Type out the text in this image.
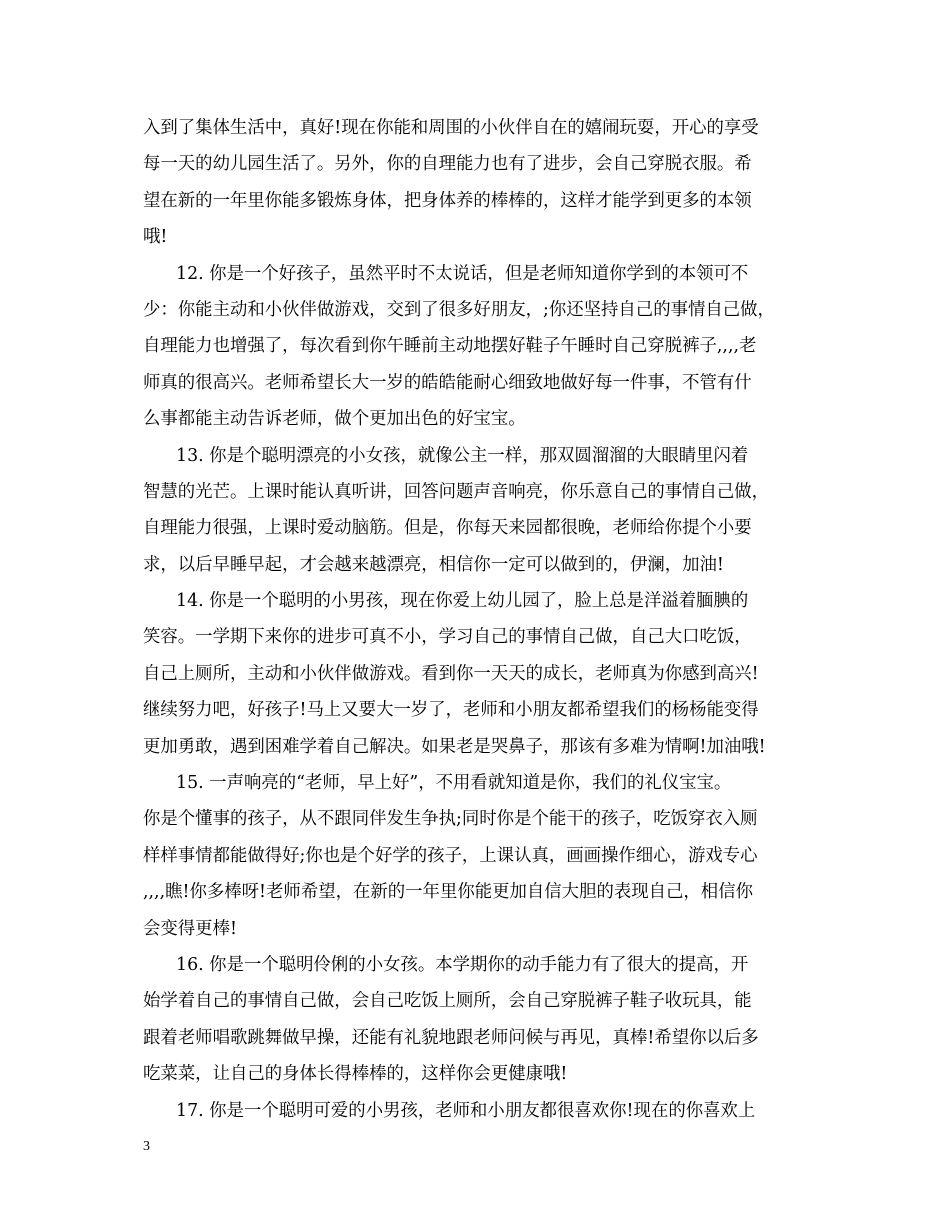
入到了集体生活中，真好!现在你能和周围的小伙伴自在的嬉闹玩耍，开心的享受
每一天的幼儿园生活了。另外，你的自理能力也有了进步，会自己穿脱衣服。希
望在新的一年里你能多锻炼身体，把身体养的棒棒的，这样才能学到更多的本领
哦!
12. 你是一个好孩子，虽然平时不太说话，但是老师知道你学到的本领可不
少：你能主动和小伙伴做游戏，交到了很多好朋友，;你还坚持自己的事情自己做，
自理能力也增强了，每次看到你午睡前主动地摆好鞋子午睡时自己穿脱裤子,,,,老
师真的很高兴。老师希望长大一岁的皓皓能耐心细致地做好每一件事，不管有什
么事都能主动告诉老师，做个更加出色的好宝宝。
13. 你是个聪明漂亮的小女孩，就像公主一样，那双圆溜溜的大眼睛里闪着
智慧的光芒。上课时能认真听讲，回答问题声音响亮，你乐意自己的事情自己做，
自理能力很强，上课时爱动脑筋。但是，你每天来园都很晚，老师给你提个小要
求，以后早睡早起，才会越来越漂亮，相信你一定可以做到的，伊澜，加油!
14. 你是一个聪明的小男孩，现在你爱上幼儿园了，脸上总是洋溢着腼腆的
笑容。一学期下来你的进步可真不小，学习自己的事情自己做，自己大口吃饭，
自己上厕所，主动和小伙伴做游戏。看到你一天天的成长，老师真为你感到高兴!
继续努力吧，好孩子!马上又要大一岁了，老师和小朋友都希望我们的杨杨能变得
更加勇敢，遇到困难学着自己解决。如果老是哭鼻子，那该有多难为情啊!加油哦!
15. 一声响亮的“老师，早上好”，不用看就知道是你，我们的礼仪宝宝。
你是个懂事的孩子，从不跟同伴发生争执;同时你是个能干的孩子，吃饭穿衣入厕
样样事情都能做得好;你也是个好学的孩子，上课认真，画画操作细心，游戏专心
,,,,瞧!你多棒呀!老师希望，在新的一年里你能更加自信大胆的表现自己，相信你
会变得更棒!
16. 你是一个聪明伶俐的小女孩。本学期你的动手能力有了很大的提高，开
始学着自己的事情自己做，会自己吃饭上厕所，会自己穿脱裤子鞋子收玩具，能
跟着老师唱歌跳舞做早操，还能有礼貌地跟老师问候与再见，真棒!希望你以后多
吃菜菜，让自己的身体长得棒棒的，这样你会更健康哦!
17. 你是一个聪明可爱的小男孩，老师和小朋友都很喜欢你!现在的你喜欢上
3
